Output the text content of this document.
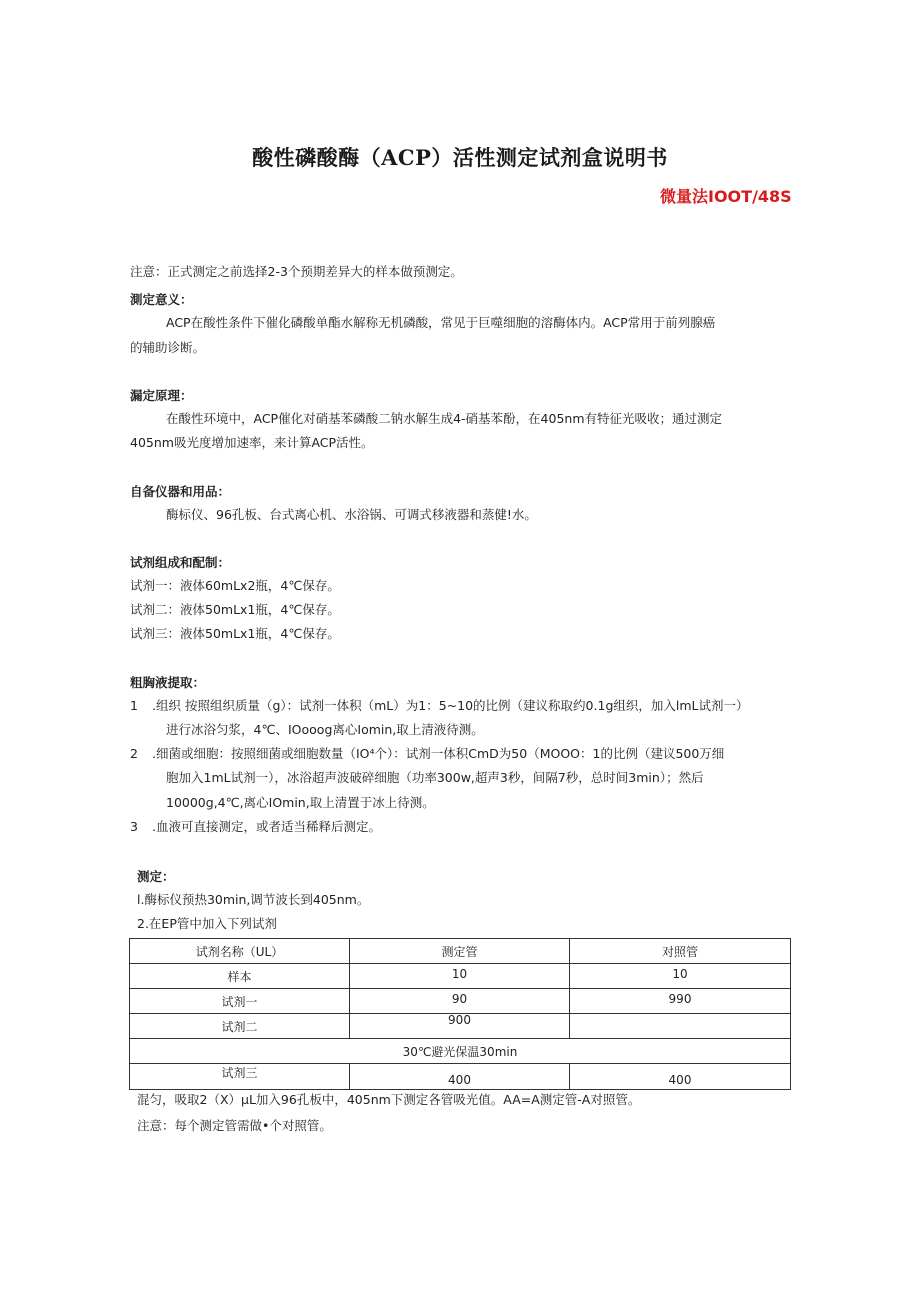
酸性磷酸酶（ACP）活性测定试剂盒说明书
微量法IOOT/48S
注意：正式测定之前选择2-3个预期差异大的样本做预测定。
測定意义：
ACP在酸性条件下催化磷酸单酯水解称无机磷酸，常见于巨噬细胞的溶酶体内。ACP常用于前列腺癌
的辅助诊断。
漏定原理：
在酸性环境中，ACP催化对硝基苯磷酸二钠水解生成4-硝基苯酚，在405nm有特征光吸收；通过测定
405nm吸光度增加速率，来计算ACP活性。
自备仪器和用品：
酶标仪、96孔板、台式离心机、水浴锅、可调式移液器和蒸健!水。
试剂组成和配制：
试剂一：液体60mLx2瓶，4℃保存。
试剂二：液体50mLx1瓶，4℃保存。
试剂三：液体50mLx1瓶，4℃保存。
粗胸液提取：
1 .组织 按照组织质量（g）：试剂一体积（mL）为1：5~10的比例（建议称取约0.1g组织，加入lmL试剂一）
进行冰浴匀浆，4℃、IOooog离心Iomin,取上清液待测。
2 .细菌或细胞：按照细菌或细胞数量（IO⁴个）：试剂一体积CmD为50（MOOO：1的比例（建议500万细
胞加入1mL试剂一），冰浴超声波破碎细胞（功率300w,超声3秒，间隔7秒，总时间3min）；然后
10000g,4℃,离心IOmin,取上清置于冰上待测。
3 .血液可直接测定，或者适当稀释后测定。
测定：
l.酶标仪预热30min,调节波长到405nm。
2.在EP管中加入下列试剂
试剂名称（UL）	测定管	对照管
样本	10	10
试剂一	90	990
试剂二	900	
30℃避光保温30min		
试剂三	400	400
混匀，吸取2（X）μL加入96孔板中，405nm下测定各管吸光值。AA=A测定管-A对照管。
注意：每个测定管需做•个对照管。
